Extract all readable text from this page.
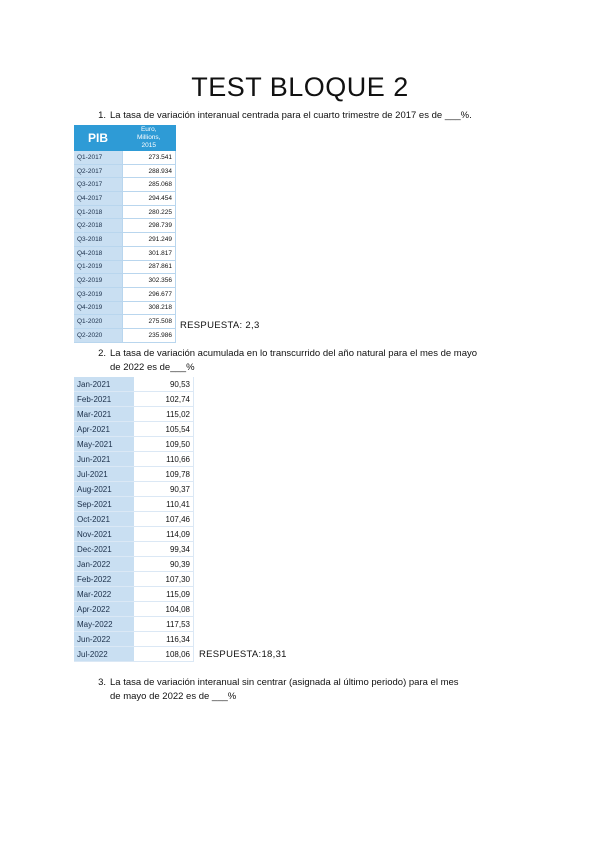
TEST BLOQUE 2
1. La tasa de variación interanual centrada para el cuarto trimestre de 2017 es de ___%.
PIB	Euro,
Millions,
2015
Q1-2017	273.541
Q2-2017	288.934
Q3-2017	285.068
Q4-2017	294.454
Q1-2018	280.225
Q2-2018	298.739
Q3-2018	291.249
Q4-2018	301.817
Q1-2019	287.861
Q2-2019	302.356
Q3-2019	296.677
Q4-2019	308.218
Q1-2020	275.508
Q2-2020	235.986
RESPUESTA: 2,3
2. La tasa de variación acumulada en lo transcurrido del año natural para el mes de mayo
de 2022 es de___%
Jan-2021	90,53
Feb-2021	102,74
Mar-2021	115,02
Apr-2021	105,54
May-2021	109,50
Jun-2021	110,66
Jul-2021	109,78
Aug-2021	90,37
Sep-2021	110,41
Oct-2021	107,46
Nov-2021	114,09
Dec-2021	99,34
Jan-2022	90,39
Feb-2022	107,30
Mar-2022	115,09
Apr-2022	104,08
May-2022	117,53
Jun-2022	116,34
Jul-2022	108,06 RESPUESTA:18,31
3. La tasa de variación interanual sin centrar (asignada al último periodo) para el mes
de mayo de 2022 es de ___%
